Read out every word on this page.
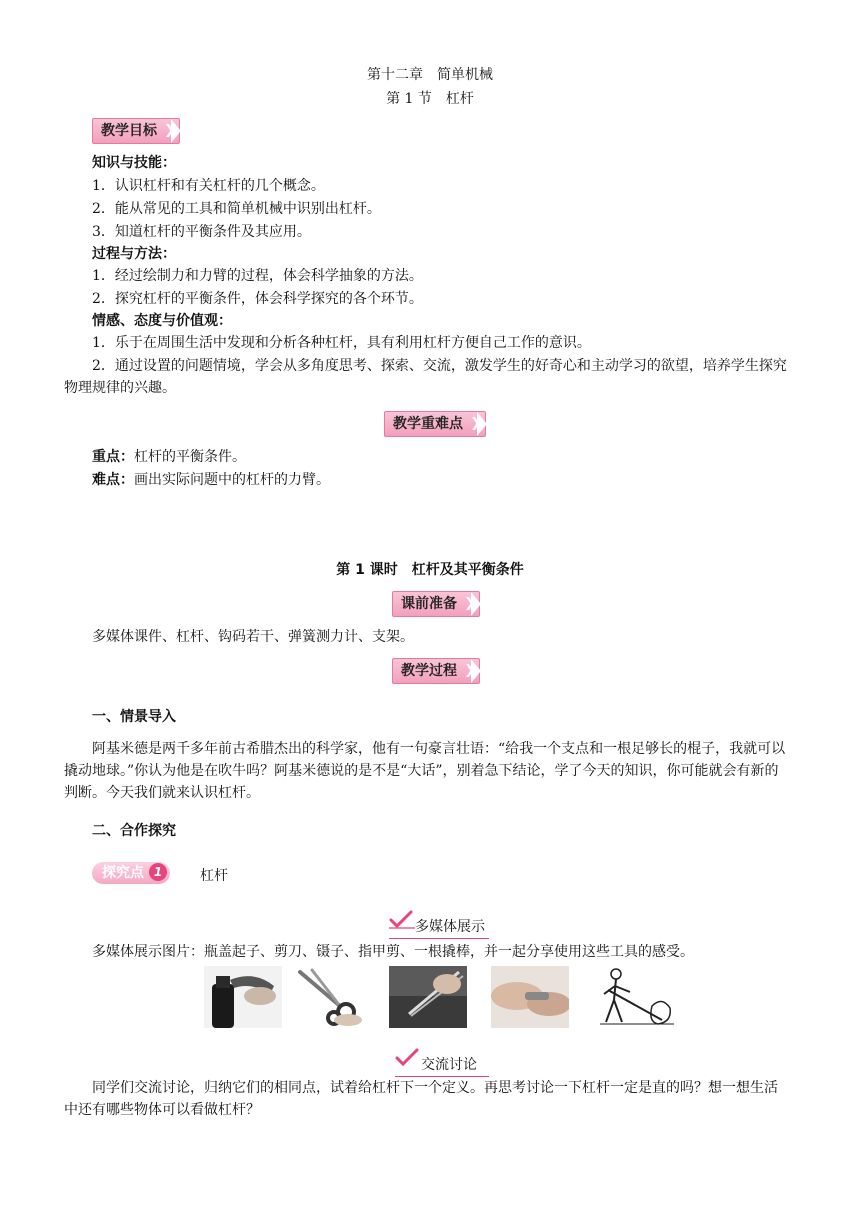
第十二章　简单机械
第 1 节　杠杆
教学目标 ❯
知识与技能：
1．认识杠杆和有关杠杆的几个概念。
2．能从常见的工具和简单机械中识别出杠杆。
3．知道杠杆的平衡条件及其应用。
过程与方法：
1．经过绘制力和力臂的过程，体会科学抽象的方法。
2．探究杠杆的平衡条件，体会科学探究的各个环节。
情感、态度与价值观：
1．乐于在周围生活中发现和分析各种杠杆，具有利用杠杆方便自己工作的意识。
2．通过设置的问题情境，学会从多角度思考、探索、交流，激发学生的好奇心和主动学习的欲望，培养学生探究物理规律的兴趣。
教学重难点 ❯
重点：杠杆的平衡条件。
难点：画出实际问题中的杠杆的力臂。
第 1 课时　杠杆及其平衡条件
课前准备 ❯
多媒体课件、杠杆、钩码若干、弹簧测力计、支架。
教学过程 ❯
一、情景导入
阿基米德是两千多年前古希腊杰出的科学家，他有一句豪言壮语：“给我一个支点和一根足够长的棍子，我就可以撬动地球。”你认为他是在吹牛吗？阿基米德说的是不是“大话”，别着急下结论，学了今天的知识，你可能就会有新的判断。今天我们就来认识杠杆。
二、合作探究
探究点 1	杠杆
多媒体展示
多媒体展示图片：瓶盖起子、剪刀、镊子、指甲剪、一根撬棒，并一起分享使用这些工具的感受。
交流讨论
同学们交流讨论，归纳它们的相同点，试着给杠杆下一个定义。再思考讨论一下杠杆一定是直的吗？想一想生活中还有哪些物体可以看做杠杆？
